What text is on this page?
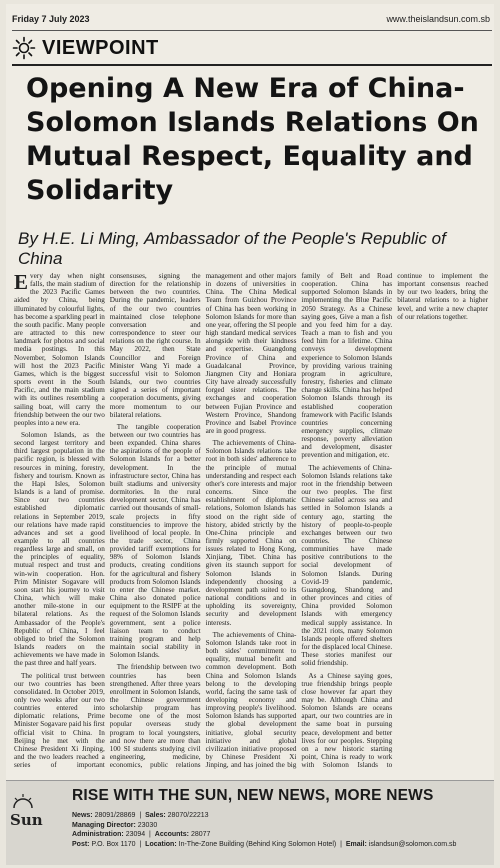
Friday 7 July 2023	www.theislandsun.com.sb
VIEWPOINT
Opening A New Era of China-Solomon Islands Relations On Mutual Respect, Equality and Solidarity
By H.E. Li Ming, Ambassador of the People's Republic of China

Every day when night falls, the main stadium of the 2023 Pacific Games aided by China, being illuminated by colourful lights, has become a sparkling pearl in the south pacific. Many people are attracted to this new landmark for photos and social media postings. In this November, Solomon Islands will host the 2023 Pacific Games, which is the biggest sports event in the South Pacific, and the main stadium with its outlines resembling a sailing boat, will carry the friendship between the our two peoples into a new era.

Solomon Islands, as the second largest territory and third largest population in the pacific region, is blessed with resources in mining, forestry, fishery and tourism. Known as the Hapi Isles, Solomon Islands is a land of promise. Since our two countries established diplomatic relations in September 2019, our relations have made rapid advances and set a good example to all countries regardless large and small, on the principles of equality, mutual respect and trust and win-win cooperation. Hon. Prim Minister Sogavare will soon start his journey to visit China, which will make another mile-stone in our bilateral relations. As the Ambassador of the People's Republic of China, I feel obliged to brief the Solomon Islands readers on the achievements we have made in the past three and half years.

The political trust between our two countries has been consolidated. In October 2019, only two weeks after our two countries entered into diplomatic relations, Prime Minister Sogavare paid his first official visit to China. In Beijing he met with the Chinese President Xi Jinping, and the two leaders reached a series of important consensuses, signing the direction for the relationship between the two countries. During the pandemic, leaders of the our two countries maintained close telephone conversation and correspondence to steer our relations on the right course. In May 2022, then State Councillor and Foreign Minister Wang Yi made a successful visit to Solomon Islands, our two countries signed a series of important cooperation documents, giving more momentum to our bilateral relations.

The tangible cooperation between our two countries has been expanded. China shares the aspirations of the people of Solomon Islands for a better development. In the infrastructure sector, China has built stadiums and university dormitories. In the rural development sector, China has carried out thousands of small-scale projects in fifty constituencies to improve the livelihood of local people. In the trade sector, China provided tariff exemptions for 98% of Solomon Islands products, creating conditions for the agricultural and fishery products from Solomon Islands to enter the Chinese market. China also donated police equipment to the RSIPF at the request of the Solomon Islands government, sent a police liaison team to conduct training program and help maintain social stability in Solomon Islands.

The friendship between two countries has been strengthened. After three years enrollment in Solomon Islands, the Chinese government scholarship program has become one of the most popular overseas study program to local youngsters, and now there are more than 100 SI students studying civil engineering, medicine, economics, public relations management and other majors in dozens of universities in China. The China Medical Team from Guizhou Province of China has been working in Solomon Islands for more than one year, offering the SI people high standard medical services alongside with their kindness and expertise. Guangdong Province of China and Guadalcanal Province, Jiangmen City and Honiara City have already successfully forged sister relations. The exchanges and cooperation between Fujian Province and Western Province, Shandong Province and Isabel Province are in good progress.

The achievements of China-Solomon Islands relations take root in both sides' adherence to the principle of mutual understanding and respect each other's core interests and major concerns. Since the establishment of diplomatic relations, Solomon Islands has stood on the right side of history, abided strictly by the One-China principle and firmly supported China on issues related to Hong Kong, Xinjiang, Tibet. China has given its staunch support for Solomon Islands in independently choosing a development path suited to its national conditions and in upholding its sovereignty, security and development interests.

The achievements of China-Solomon Islands take root in both sides' commitment to equality, mutual benefit and common development. Both China and Solomon Islands belong to the developing world, facing the same task of developing economy and improving people's livelihood. Solomon Islands has supported the global development initiative, global security initiative and global civilization initiative proposed by Chinese President Xi Jinping, and has joined the big family of Belt and Road cooperation. China has supported Solomon Islands in implementing the Blue Pacific 2050 Strategy. As a Chinese saying goes, Give a man a fish and you feed him for a day. Teach a man to fish and you feed him for a lifetime. China conveys development experience to Solomon Islands by providing various training program in agriculture, forestry, fisheries and climate change skills. China has helped Solomon Islands through its established cooperation framework with Pacific Islands countries concerning emergency supplies, climate response, poverty alleviation and development, disaster prevention and mitigation, etc.

The achievements of China-Solomon Islands relations take root in the friendship between our two peoples. The first Chinese sailed across sea and settled in Solomon Islands a century ago, starting the history of people-to-people exchanges between our two countries. The Chinese communities have made positive contributions to the social development of Solomon Islands. During Covid-19 pandemic, Guangdong, Shandong and other provinces and cities of China provided Solomon Islands with emergency medical supply assistance. In the 2021 riots, many Solomon Islands people offered shelters for the displaced local Chinese. These stories manifest our solid friendship.

As a Chinese saying goes, true friendship brings people close however far apart they may be. Although China and Solomon Islands are oceans apart, our two countries are in the same boat in pursuing peace, development and better lives for our peoples. Stepping on a new historic starting point, China is ready to work with Solomon Islands to continue to implement the important consensus reached by our two leaders, bring the bilateral relations to a higher level, and write a new chapter of our relations together.

Sun
RISE WITH THE SUN, NEW NEWS, MORE NEWS
News: 28091/28869  |  Sales: 28070/22213
Managing Director: 23030
Administration: 23094  |  Accounts: 28077
Post: P.O. Box 1170  |  Location: In-The-Zone Building (Behind King Solomon Hotel)  |  Email: islandsun@solomon.com.sb
